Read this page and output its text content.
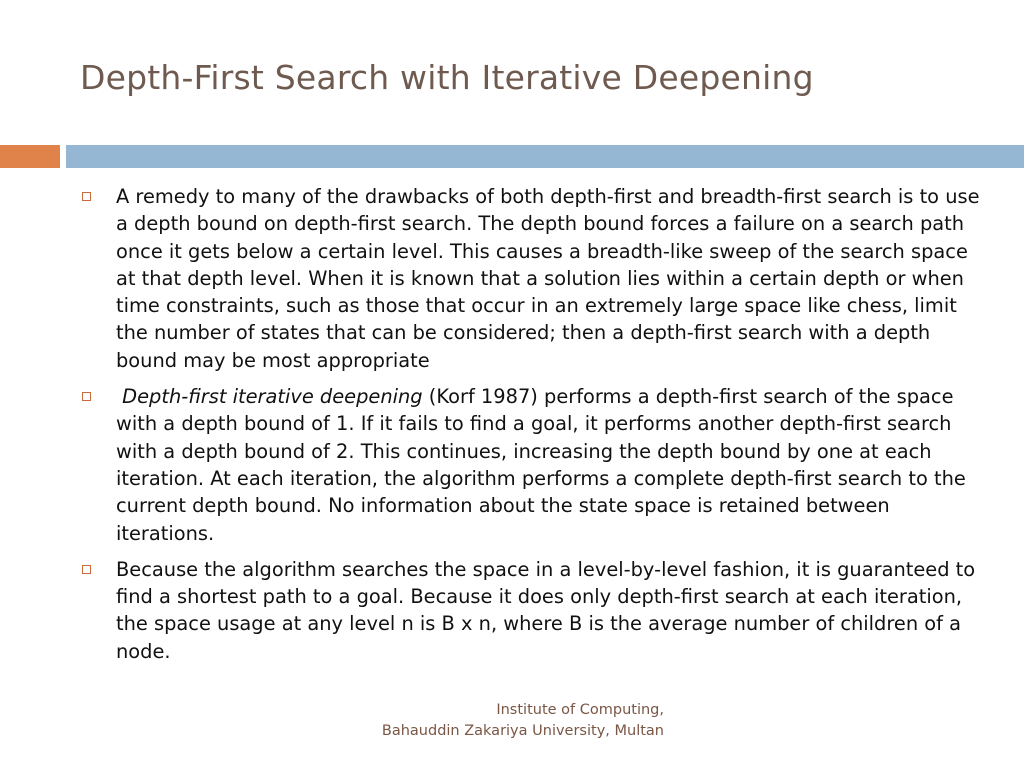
Depth-First Search with Iterative Deepening
A remedy to many of the drawbacks of both depth-first and breadth-first search is to use a depth bound on depth-first search. The depth bound forces a failure on a search path once it gets below a certain level. This causes a breadth-like sweep of the search space at that depth level. When it is known that a solution lies within a certain depth or when time constraints, such as those that occur in an extremely large space like chess, limit the number of states that can be considered; then a depth-first search with a depth bound may be most appropriate
Depth-first iterative deepening (Korf 1987) performs a depth-first search of the space with a depth bound of 1. If it fails to find a goal, it performs another depth-first search with a depth bound of 2. This continues, increasing the depth bound by one at each iteration. At each iteration, the algorithm performs a complete depth-first search to the current depth bound. No information about the state space is retained between iterations.
Because the algorithm searches the space in a level-by-level fashion, it is guaranteed to find a shortest path to a goal. Because it does only depth-first search at each iteration, the space usage at any level n is B x n, where B is the average number of children of a node.
Institute of Computing,
Bahauddin Zakariya University, Multan
